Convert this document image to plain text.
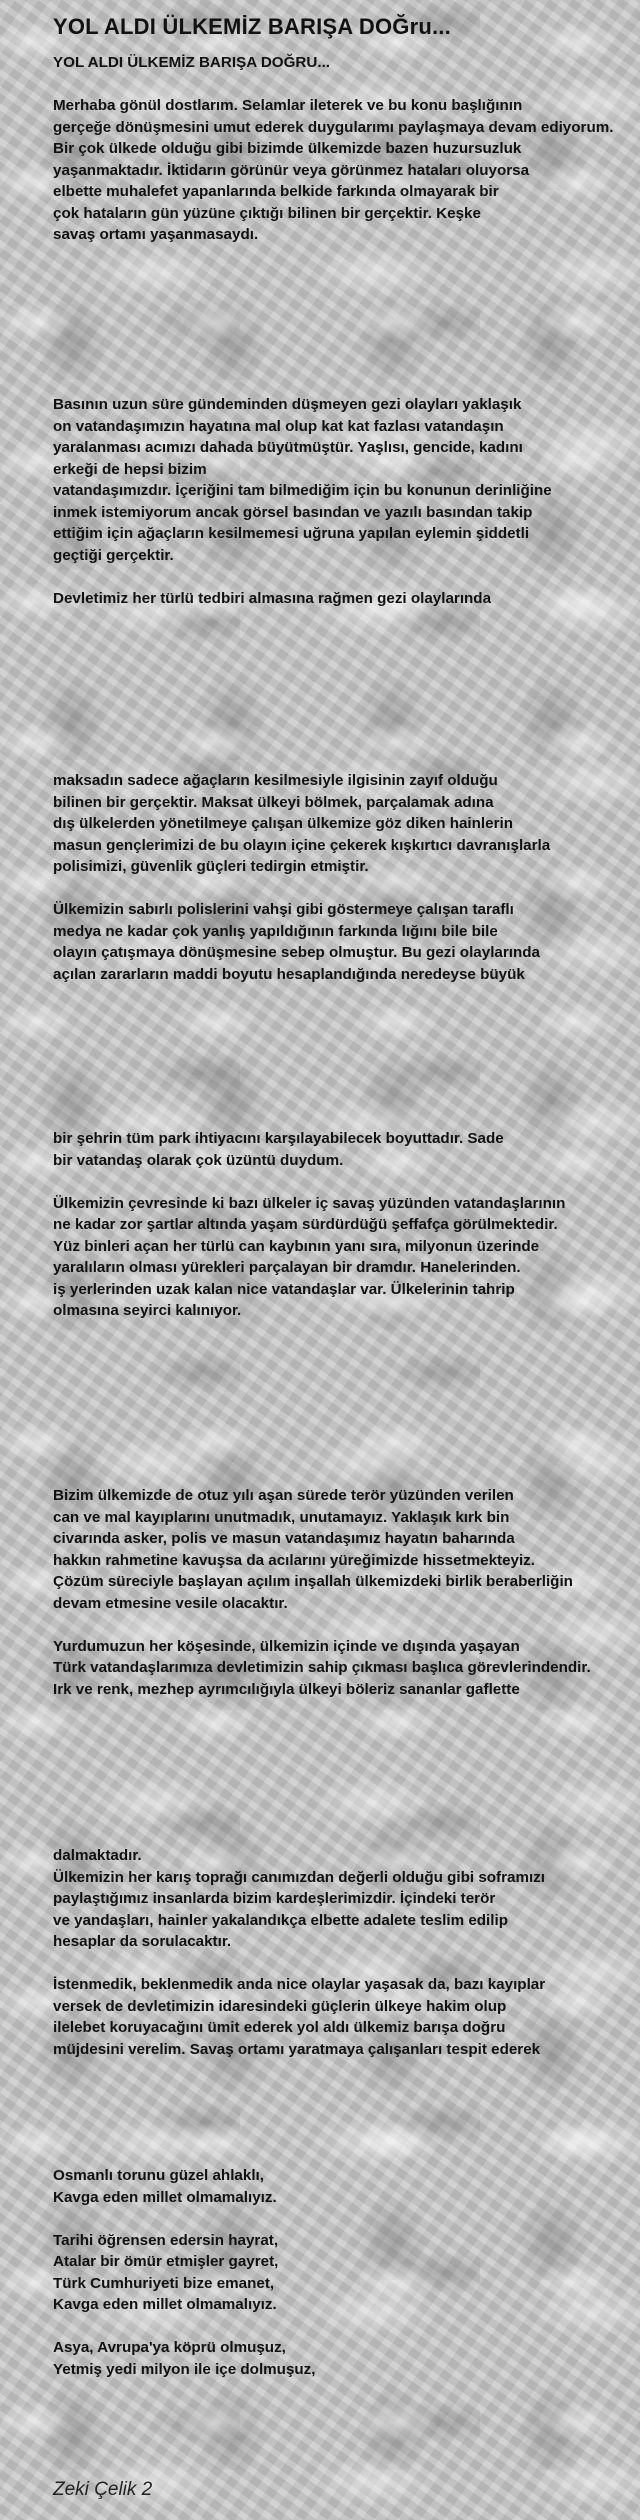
YOL ALDI ÜLKEMİZ BARIŞA DOĞru...
YOL ALDI ÜLKEMİZ BARIŞA DOĞRU...
Merhaba gönül dostlarım. Selamlar ileterek ve bu konu başlığının
gerçeğe dönüşmesini umut ederek duygularımı paylaşmaya devam ediyorum.
Bir çok ülkede olduğu gibi bizimde ülkemizde bazen huzursuzluk
yaşanmaktadır. İktidarın görünür veya görünmez hataları oluyorsa
elbette muhalefet yapanlarında belkide farkında olmayarak bir
çok hataların gün yüzüne çıktığı bilinen bir gerçektir. Keşke
savaş ortamı yaşanmasaydı.
Basının uzun süre gündeminden düşmeyen gezi olayları yaklaşık
on vatandaşımızın hayatına mal olup kat kat fazlası vatandaşın
yaralanması acımızı dahada büyütmüştür. Yaşlısı, gencide, kadını
erkeği de hepsi bizim
vatandaşımızdır. İçeriğini tam bilmediğim için bu konunun derinliğine
inmek istemiyorum ancak görsel basından ve yazılı basından takip
ettiğim için ağaçların kesilmemesi uğruna yapılan eylemin şiddetli
geçtiği gerçektir.
Devletimiz her türlü tedbiri almasına rağmen gezi olaylarında
maksadın sadece ağaçların kesilmesiyle ilgisinin zayıf olduğu
bilinen bir gerçektir. Maksat ülkeyi bölmek, parçalamak adına
dış ülkelerden yönetilmeye çalışan ülkemize göz diken hainlerin
masun gençlerimizi de bu olayın içine çekerek kışkırtıcı davranışlarla
polisimizi, güvenlik güçleri tedirgin etmiştir.
Ülkemizin sabırlı polislerini vahşi gibi göstermeye çalışan taraflı
medya ne kadar çok yanlış yapıldığının farkında lığını bile bile
olayın çatışmaya dönüşmesine sebep olmuştur. Bu gezi olaylarında
açılan zararların maddi boyutu hesaplandığında neredeyse büyük
bir şehrin tüm park ihtiyacını karşılayabilecek boyuttadır. Sade
bir vatandaş olarak çok üzüntü duydum.
Ülkemizin çevresinde ki bazı ülkeler iç savaş yüzünden vatandaşlarının
ne kadar zor şartlar altında yaşam sürdürdüğü şeffafça görülmektedir.
Yüz binleri açan her türlü can kaybının yanı sıra, milyonun üzerinde
yaralıların olması yürekleri parçalayan bir dramdır. Hanelerinden.
iş yerlerinden uzak kalan nice vatandaşlar var. Ülkelerinin tahrip
olmasına seyirci kalınıyor.
Bizim ülkemizde de otuz yılı aşan sürede terör yüzünden verilen
can ve mal kayıplarını unutmadık, unutamayız. Yaklaşık kırk bin
civarında asker, polis ve masun vatandaşımız hayatın baharında
hakkın rahmetine kavuşsa da acılarını yüreğimizde hissetmekteyiz.
Çözüm süreciyle başlayan açılım inşallah ülkemizdeki birlik beraberliğin
devam etmesine vesile olacaktır.
Yurdumuzun her köşesinde, ülkemizin içinde ve dışında yaşayan
Türk vatandaşlarımıza devletimizin sahip çıkması başlıca görevlerindendir.
Irk ve renk, mezhep ayrımcılığıyla ülkeyi böleriz sananlar gaflette
dalmaktadır.
Ülkemizin her karış toprağı canımızdan değerli olduğu gibi soframızı
paylaştığımız insanlarda bizim kardeşlerimizdir. İçindeki terör
ve yandaşları, hainler yakalandıkça elbette adalete teslim edilip
hesaplar da sorulacaktır.
İstenmedik, beklenmedik anda nice olaylar yaşasak da, bazı kayıplar
versek de devletimizin idaresindeki güçlerin ülkeye hakim olup
ilelebet koruyacağını ümit ederek yol aldı ülkemiz barışa doğru
müjdesini verelim. Savaş ortamı yaratmaya çalışanları tespit ederek
Osmanlı torunu güzel ahlaklı,
Kavga eden millet olmamalıyız.
Tarihi öğrensen edersin hayrat,
Atalar bir ömür etmişler gayret,
Türk Cumhuriyeti bize emanet,
Kavga eden millet olmamalıyız.
Asya, Avrupa'ya köprü olmuşuz,
Yetmiş yedi milyon ile içe dolmuşuz,
Zeki Çelik 2
